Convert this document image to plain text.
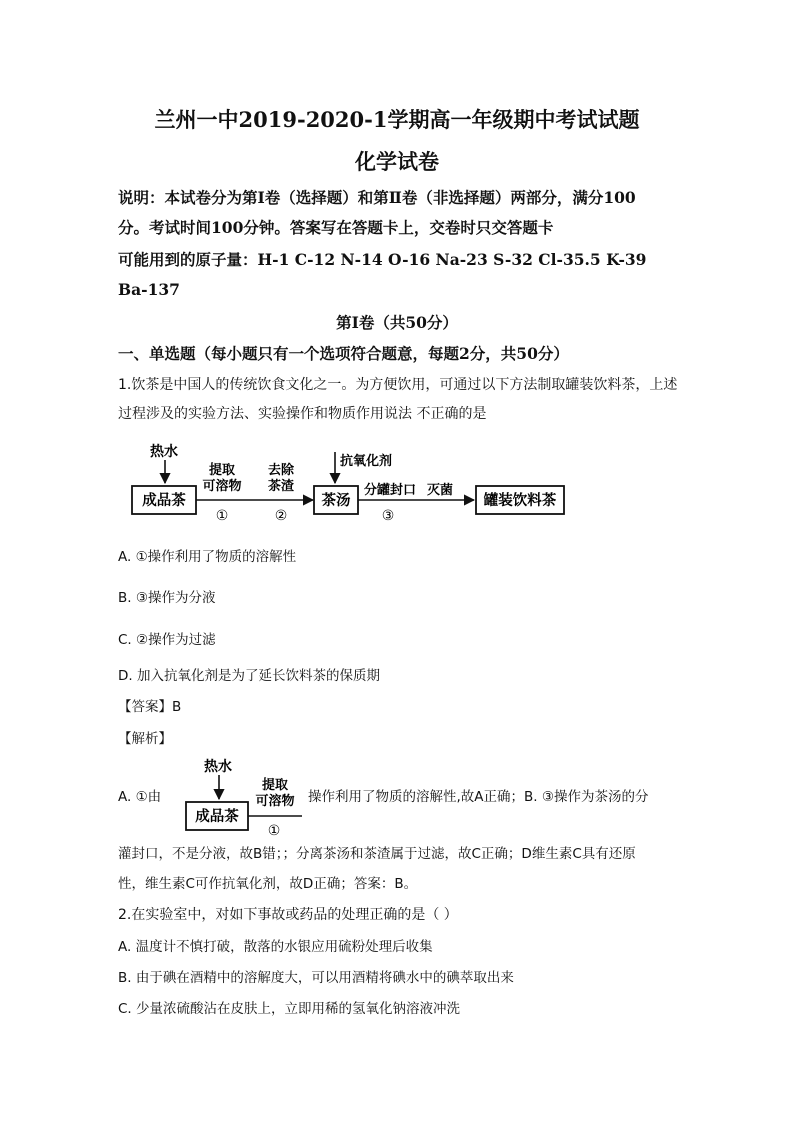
兰州一中2019-2020-1学期高一年级期中考试试题
化学试卷
说明：本试卷分为第Ⅰ卷（选择题）和第Ⅱ卷（非选择题）两部分，满分100
分。考试时间100分钟。答案写在答题卡上，交卷时只交答题卡
可能用到的原子量：H-1 C-12 N-14 O-16 Na-23 S-32 Cl-35.5 K-39
Ba-137
第Ⅰ卷（共50分）
一、单选题（每小题只有一个选项符合题意，每题2分，共50分）
1.饮茶是中国人的传统饮食文化之一。为方便饮用，可通过以下方法制取罐装饮料茶，上述
过程涉及的实验方法、实验操作和物质作用说法 不正确的是
热水
成品茶
提取
可溶物
①
去除
茶渣
②
抗氧化剂
茶汤
分罐封口
③
灭菌
罐装饮料茶
A. ①操作利用了物质的溶解性
B. ③操作为分液
C. ②操作为过滤
D. 加入抗氧化剂是为了延长饮料茶的保质期
【答案】B
【解析】
A. ①由
热水
成品茶
提取
可溶物
①
操作利用了物质的溶解性,故A正确；B. ③操作为茶汤的分
灌封口，不是分液，故B错；；分离茶汤和茶渣属于过滤，故C正确；D维生素C具有还原
性，维生素C可作抗氧化剂，故D正确；答案：B。
2.在实验室中，对如下事故或药品的处理正确的是（ ）
A. 温度计不慎打破，散落的水银应用硫粉处理后收集
B. 由于碘在酒精中的溶解度大，可以用酒精将碘水中的碘萃取出来
C. 少量浓硫酸沾在皮肤上，立即用稀的氢氧化钠溶液冲洗
